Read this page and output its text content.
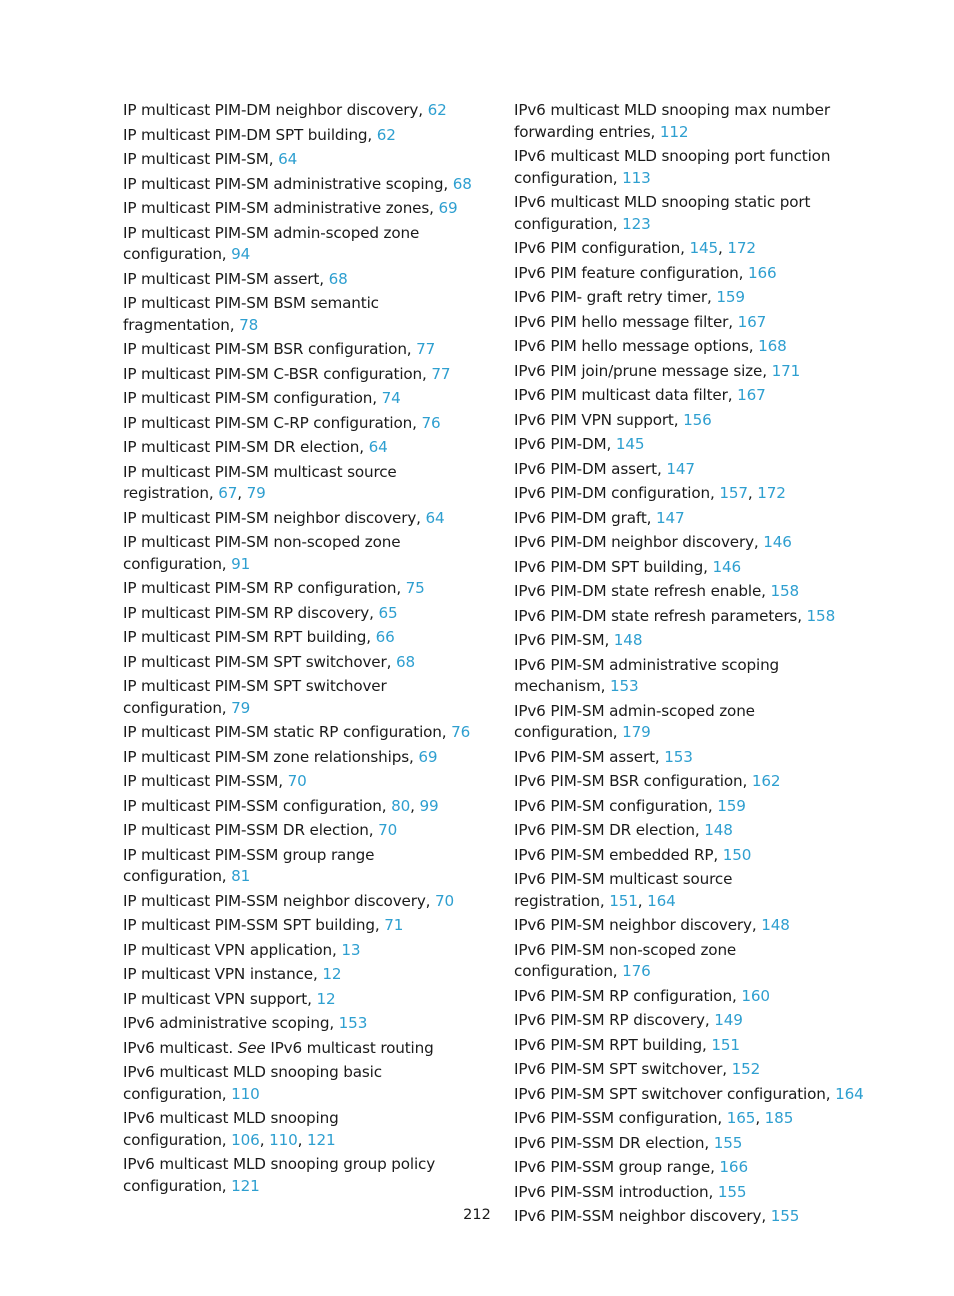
IP multicast PIM-DM neighbor discovery, 62
IP multicast PIM-DM SPT building, 62
IP multicast PIM-SM, 64
IP multicast PIM-SM administrative scoping, 68
IP multicast PIM-SM administrative zones, 69
IP multicast PIM-SM admin-scoped zone configuration, 94
IP multicast PIM-SM assert, 68
IP multicast PIM-SM BSM semantic fragmentation, 78
IP multicast PIM-SM BSR configuration, 77
IP multicast PIM-SM C-BSR configuration, 77
IP multicast PIM-SM configuration, 74
IP multicast PIM-SM C-RP configuration, 76
IP multicast PIM-SM DR election, 64
IP multicast PIM-SM multicast source registration, 67, 79
IP multicast PIM-SM neighbor discovery, 64
IP multicast PIM-SM non-scoped zone configuration, 91
IP multicast PIM-SM RP configuration, 75
IP multicast PIM-SM RP discovery, 65
IP multicast PIM-SM RPT building, 66
IP multicast PIM-SM SPT switchover, 68
IP multicast PIM-SM SPT switchover configuration, 79
IP multicast PIM-SM static RP configuration, 76
IP multicast PIM-SM zone relationships, 69
IP multicast PIM-SSM, 70
IP multicast PIM-SSM configuration, 80, 99
IP multicast PIM-SSM DR election, 70
IP multicast PIM-SSM group range configuration, 81
IP multicast PIM-SSM neighbor discovery, 70
IP multicast PIM-SSM SPT building, 71
IP multicast VPN application, 13
IP multicast VPN instance, 12
IP multicast VPN support, 12
IPv6 administrative scoping, 153
IPv6 multicast. See IPv6 multicast routing
IPv6 multicast MLD snooping basic configuration, 110
IPv6 multicast MLD snooping configuration, 106, 110, 121
IPv6 multicast MLD snooping group policy configuration, 121
IPv6 multicast MLD snooping max number forwarding entries, 112
IPv6 multicast MLD snooping port function configuration, 113
IPv6 multicast MLD snooping static port configuration, 123
IPv6 PIM configuration, 145, 172
IPv6 PIM feature configuration, 166
IPv6 PIM- graft retry timer, 159
IPv6 PIM hello message filter, 167
IPv6 PIM hello message options, 168
IPv6 PIM join/prune message size, 171
IPv6 PIM multicast data filter, 167
IPv6 PIM VPN support, 156
IPv6 PIM-DM, 145
IPv6 PIM-DM assert, 147
IPv6 PIM-DM configuration, 157, 172
IPv6 PIM-DM graft, 147
IPv6 PIM-DM neighbor discovery, 146
IPv6 PIM-DM SPT building, 146
IPv6 PIM-DM state refresh enable, 158
IPv6 PIM-DM state refresh parameters, 158
IPv6 PIM-SM, 148
IPv6 PIM-SM administrative scoping mechanism, 153
IPv6 PIM-SM admin-scoped zone configuration, 179
IPv6 PIM-SM assert, 153
IPv6 PIM-SM BSR configuration, 162
IPv6 PIM-SM configuration, 159
IPv6 PIM-SM DR election, 148
IPv6 PIM-SM embedded RP, 150
IPv6 PIM-SM multicast source registration, 151, 164
IPv6 PIM-SM neighbor discovery, 148
IPv6 PIM-SM non-scoped zone configuration, 176
IPv6 PIM-SM RP configuration, 160
IPv6 PIM-SM RP discovery, 149
IPv6 PIM-SM RPT building, 151
IPv6 PIM-SM SPT switchover, 152
IPv6 PIM-SM SPT switchover configuration, 164
IPv6 PIM-SSM configuration, 165, 185
IPv6 PIM-SSM DR election, 155
IPv6 PIM-SSM group range, 166
IPv6 PIM-SSM introduction, 155
IPv6 PIM-SSM neighbor discovery, 155
212
